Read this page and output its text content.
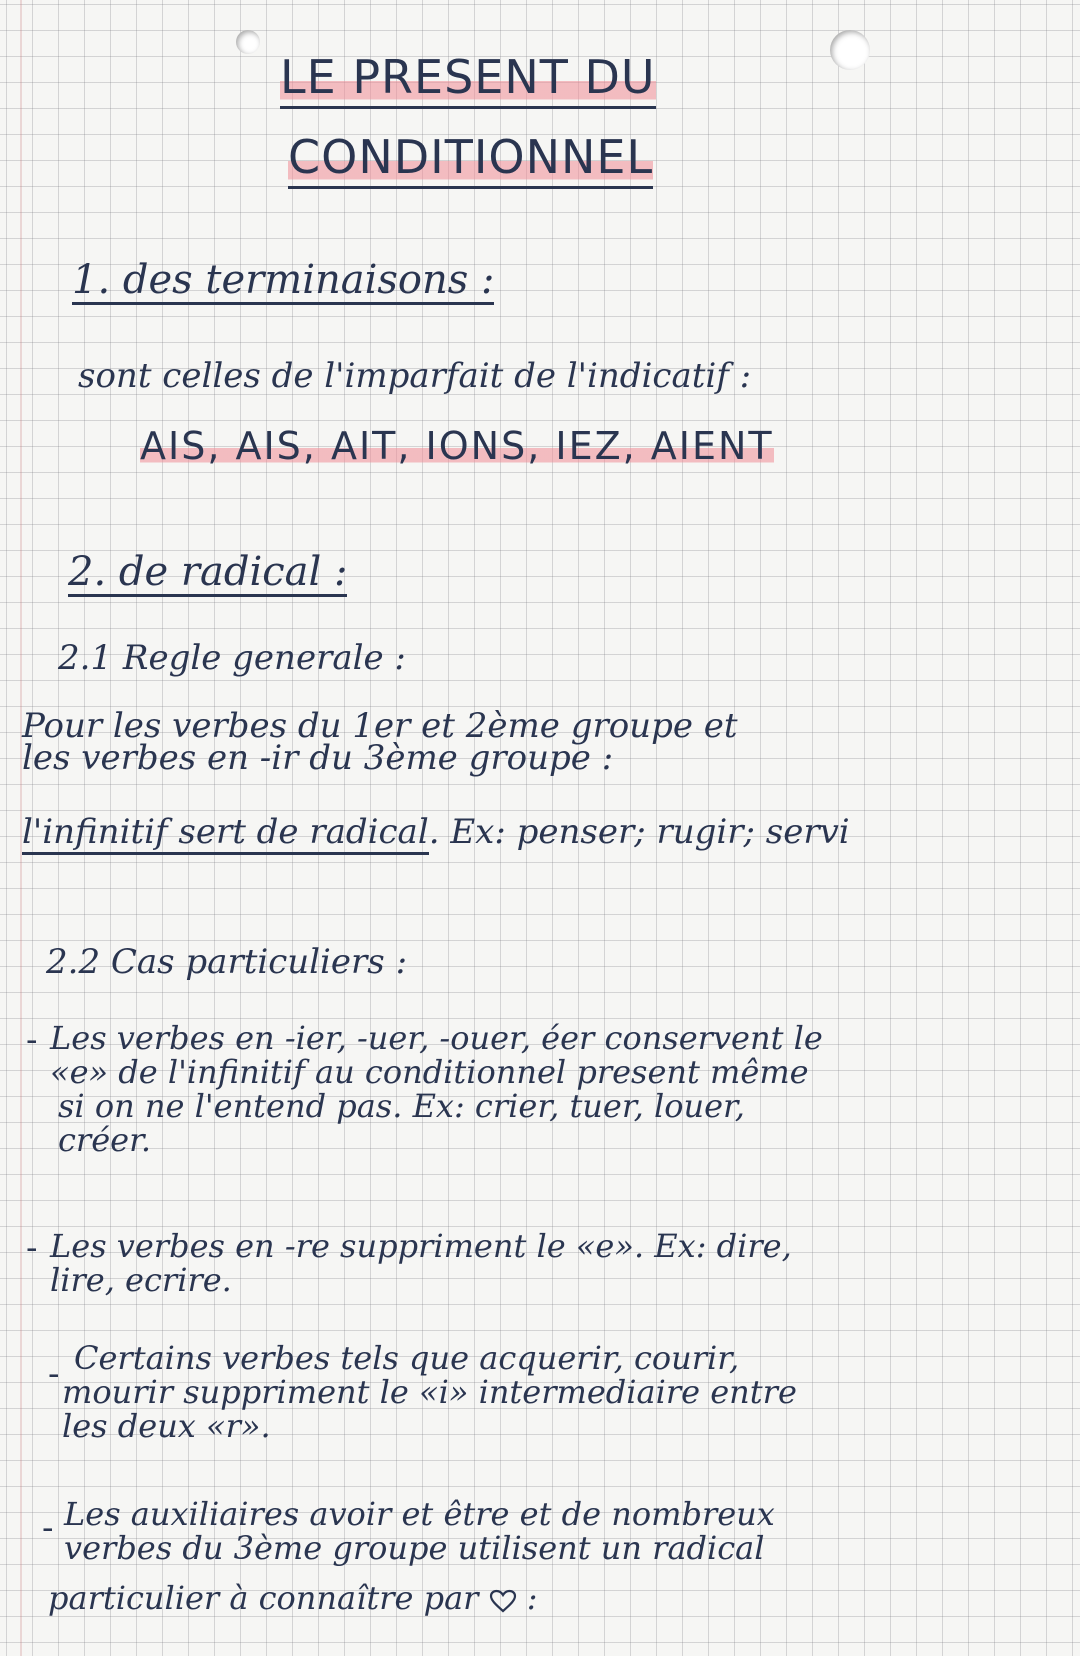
LE PRESENT DU
CONDITIONNEL

1. des terminaisons :

sont celles de l'imparfait de l'indicatif :

AIS, AIS, AIT, IONS, IEZ, AIENT

2. de radical :

2.1 Regle generale :

Pour les verbes du 1er et 2ème groupe et

les verbes en -ir du 3ème groupe :

l'infinitif sert de radical. Ex: penser; rugir; servi

2.2 Cas particuliers :

- Les verbes en -ier, -uer, -ouer, éer conservent le

«e» de l'infinitif au conditionnel present même

si on ne l'entend pas. Ex: crier, tuer, louer,

créer.

- Les verbes en -re suppriment le «e». Ex: dire,

lire, ecrire.

- Certains verbes tels que acquerir, courir,

mourir suppriment le «i» intermediaire entre

les deux «r».

- Les auxiliaires avoir et être et de nombreux

verbes du 3ème groupe utilisent un radical

particulier à connaître par :
